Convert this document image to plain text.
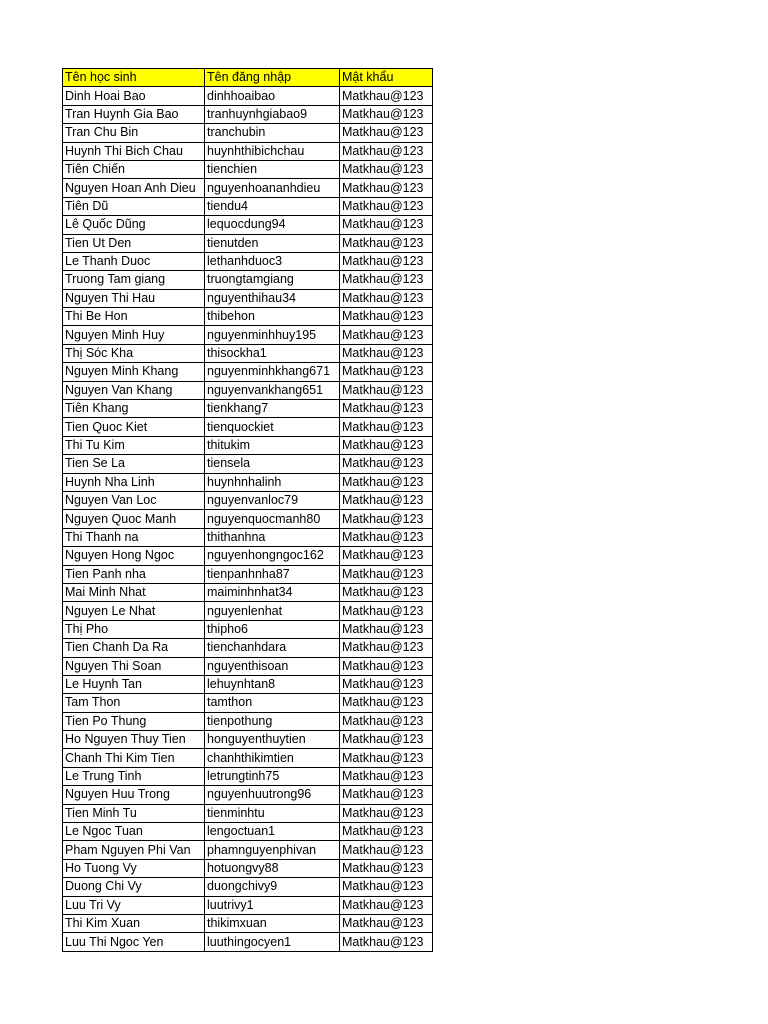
Tên học sinh	Tên đăng nhập	Mật khẩu
Dinh Hoai Bao	dinhhoaibao	Matkhau@123
Tran Huynh Gia Bao	tranhuynhgiabao9	Matkhau@123
Tran Chu Bin	tranchubin	Matkhau@123
Huynh Thi Bich Chau	huynhthibichchau	Matkhau@123
Tiên Chiến	tienchien	Matkhau@123
Nguyen Hoan Anh Dieu	nguyenhoananhdieu	Matkhau@123
Tiên Dũ	tiendu4	Matkhau@123
Lê Quốc Dũng	lequocdung94	Matkhau@123
Tien Ut Den	tienutden	Matkhau@123
Le Thanh Duoc	lethanhduoc3	Matkhau@123
Truong Tam giang	truongtamgiang	Matkhau@123
Nguyen Thi Hau	nguyenthihau34	Matkhau@123
Thi Be Hon	thibehon	Matkhau@123
Nguyen Minh Huy	nguyenminhhuy195	Matkhau@123
Thị Sóc Kha	thisockha1	Matkhau@123
Nguyen Minh Khang	nguyenminhkhang671	Matkhau@123
Nguyen Van Khang	nguyenvankhang651	Matkhau@123
Tiên Khang	tienkhang7	Matkhau@123
Tien Quoc Kiet	tienquockiet	Matkhau@123
Thi Tu Kim	thitukim	Matkhau@123
Tien Se La	tiensela	Matkhau@123
Huynh Nha Linh	huynhnhalinh	Matkhau@123
Nguyen Van Loc	nguyenvanloc79	Matkhau@123
Nguyen Quoc Manh	nguyenquocmanh80	Matkhau@123
Thi Thanh na	thithanhna	Matkhau@123
Nguyen Hong Ngoc	nguyenhongngoc162	Matkhau@123
Tien Panh nha	tienpanhnha87	Matkhau@123
Mai Minh Nhat	maiminhnhat34	Matkhau@123
Nguyen Le Nhat	nguyenlenhat	Matkhau@123
Thị Pho	thipho6	Matkhau@123
Tien Chanh Da Ra	tienchanhdara	Matkhau@123
Nguyen Thi Soan	nguyenthisoan	Matkhau@123
Le Huynh Tan	lehuynhtan8	Matkhau@123
Tam Thon	tamthon	Matkhau@123
Tien Po Thung	tienpothung	Matkhau@123
Ho Nguyen Thuy Tien	honguyenthuytien	Matkhau@123
Chanh Thi Kim Tien	chanhthikimtien	Matkhau@123
Le Trung Tinh	letrungtinh75	Matkhau@123
Nguyen Huu Trong	nguyenhuutrong96	Matkhau@123
Tien Minh Tu	tienminhtu	Matkhau@123
Le Ngoc Tuan	lengoctuan1	Matkhau@123
Pham Nguyen Phi Van	phamnguyenphivan	Matkhau@123
Ho Tuong Vy	hotuongvy88	Matkhau@123
Duong Chi Vy	duongchivy9	Matkhau@123
Luu Tri Vy	luutrivy1	Matkhau@123
Thi Kim Xuan	thikimxuan	Matkhau@123
Luu Thi Ngoc Yen	luuthingocyen1	Matkhau@123
